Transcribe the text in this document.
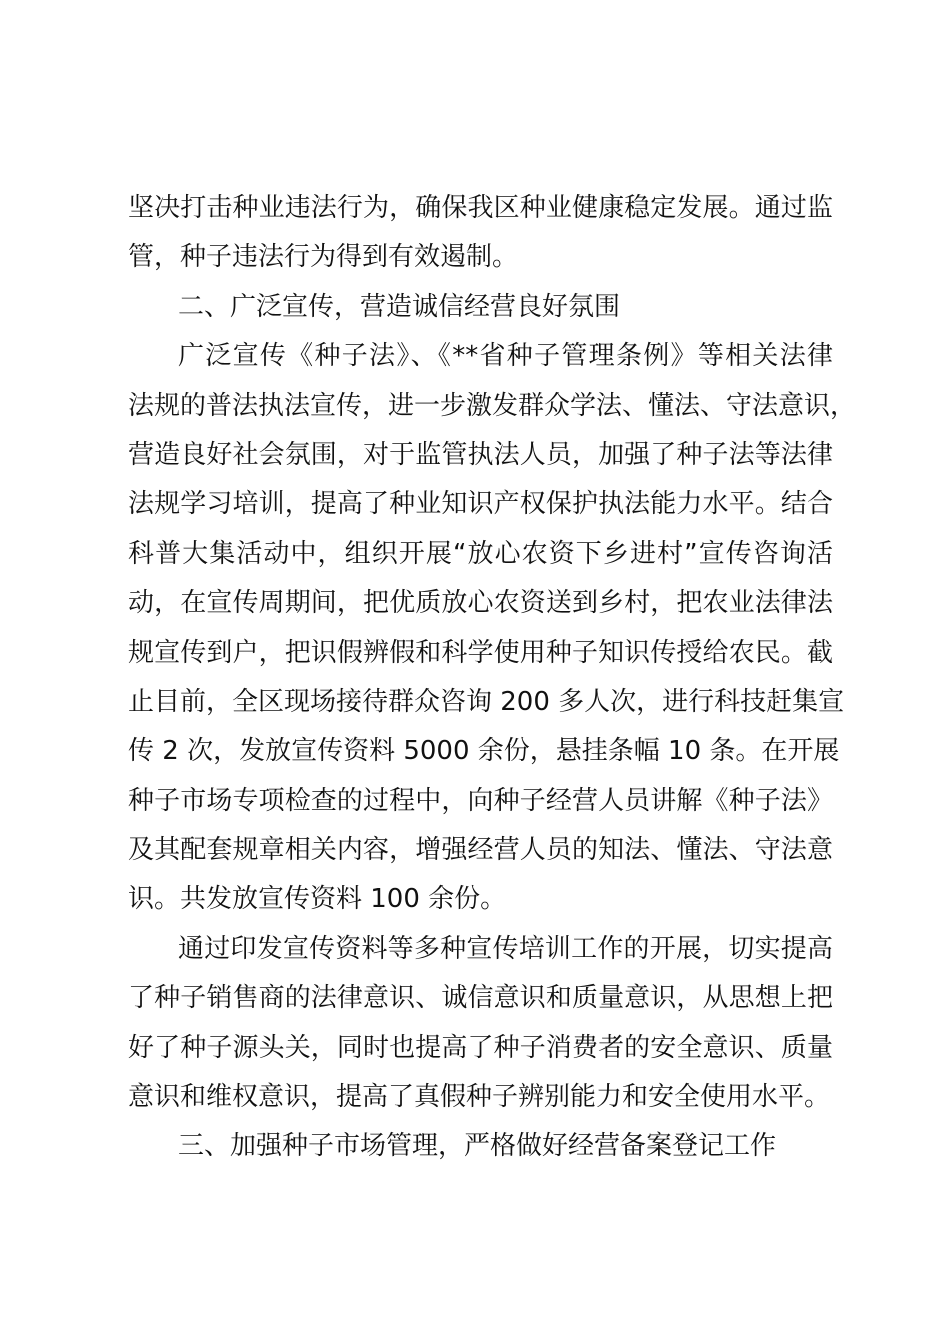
坚决打击种业违法行为，确保我区种业健康稳定发展。通过监
管，种子违法行为得到有效遏制。
二、广泛宣传，营造诚信经营良好氛围
广泛宣传《种子法》、《**省种子管理条例》等相关法律
法规的普法执法宣传，进一步激发群众学法、懂法、守法意识，
营造良好社会氛围，对于监管执法人员，加强了种子法等法律
法规学习培训，提高了种业知识产权保护执法能力水平。结合
科普大集活动中，组织开展“放心农资下乡进村”宣传咨询活
动，在宣传周期间，把优质放心农资送到乡村，把农业法律法
规宣传到户，把识假辨假和科学使用种子知识传授给农民。截
止目前，全区现场接待群众咨询 200 多人次，进行科技赶集宣
传 2 次，发放宣传资料 5000 余份，悬挂条幅 10 条。在开展
种子市场专项检查的过程中，向种子经营人员讲解《种子法》
及其配套规章相关内容，增强经营人员的知法、懂法、守法意
识。共发放宣传资料 100 余份。
通过印发宣传资料等多种宣传培训工作的开展，切实提高
了种子销售商的法律意识、诚信意识和质量意识，从思想上把
好了种子源头关，同时也提高了种子消费者的安全意识、质量
意识和维权意识，提高了真假种子辨别能力和安全使用水平。
三、加强种子市场管理，严格做好经营备案登记工作
